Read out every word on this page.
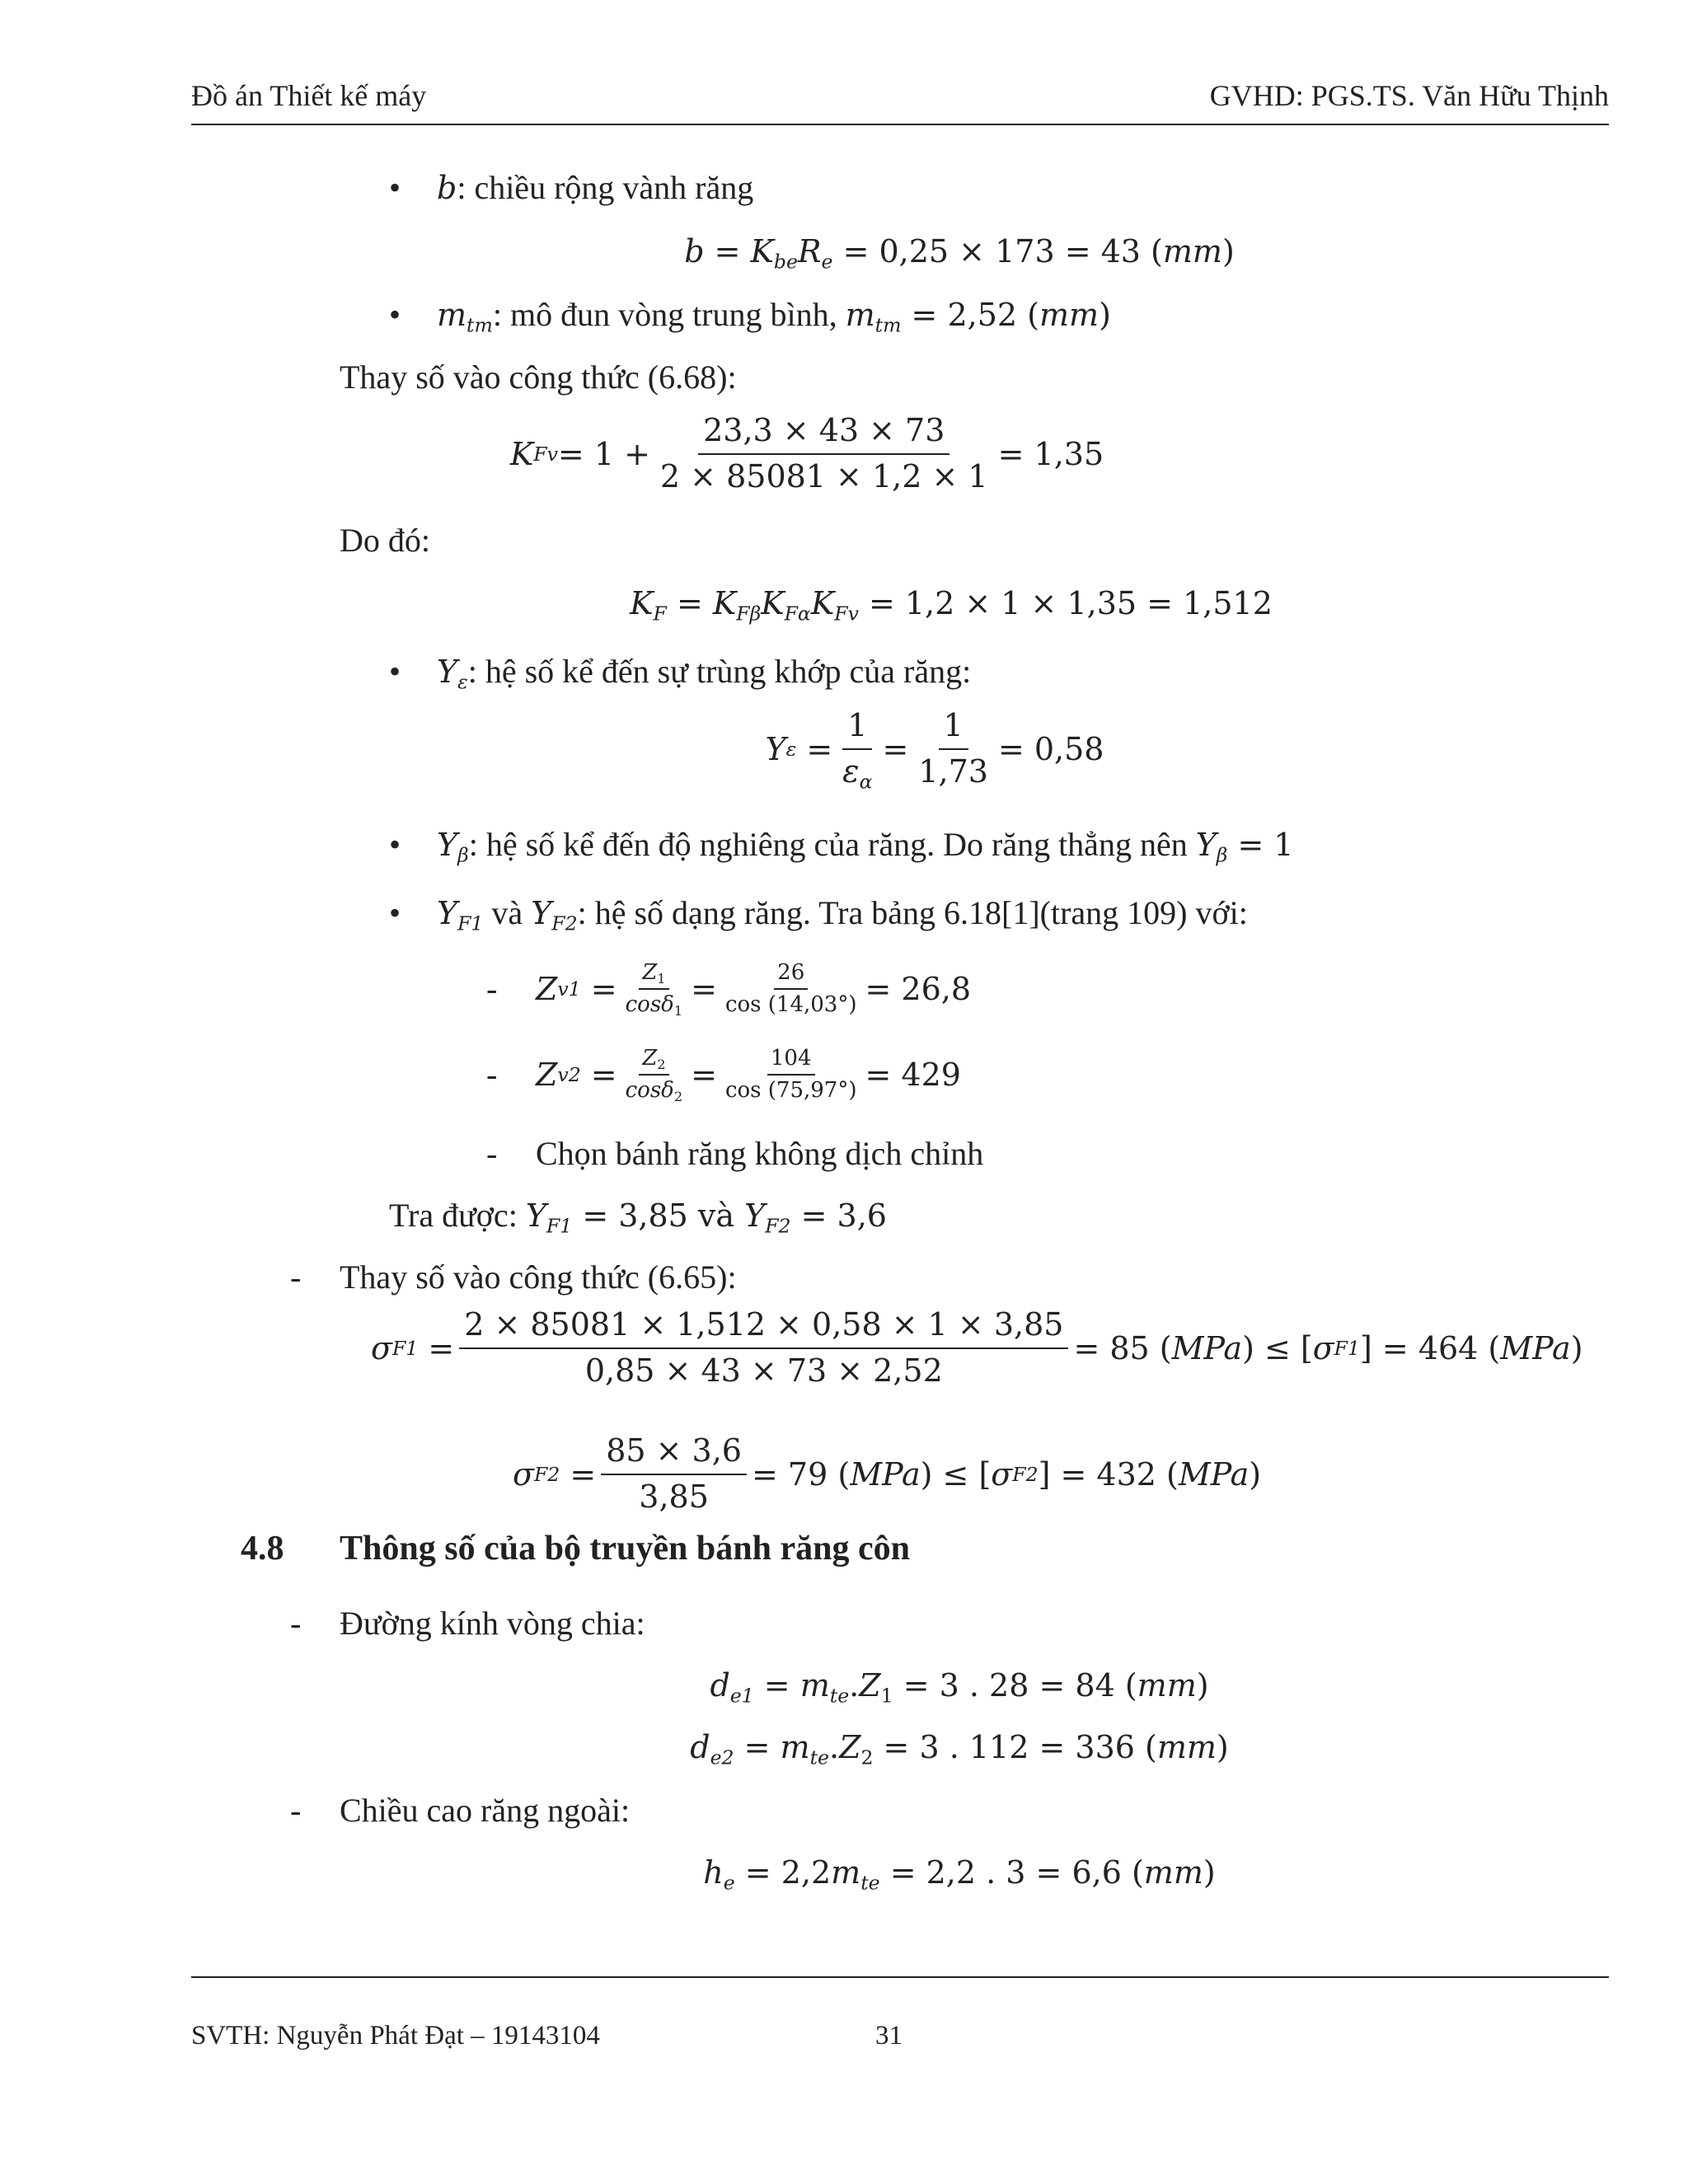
Đồ án Thiết kế máy	GVHD: PGS.TS. Văn Hữu Thịnh
• b: chiều rộng vành răng
$b = K_{be}R_e = 0,25 \times 173 = 43$ (mm)
• $m_{tm}$: mô đun vòng trung bình, $m_{tm} = 2,52$ (mm)
Thay số vào công thức (6.68):
K $Fv = 1 + \frac{23,3 \times 43 \times 73}{2 \times 85081 \times 1,2 \times 1} = 1,35$
Do đó:
$K_F = K_{F\beta}K_{F\alpha}K_{Fv} = 1,2 \times 1 \times 1,35 = 1,512$
• $Y_\varepsilon$: hệ số kể đến sự trùng khớp của răng:
Y $\varepsilon = \frac{1}{\varepsilon_\alpha} = \frac{1}{1,73} = 0,58$
• $Y_\beta$: hệ số kể đến độ nghiêng của răng. Do răng thẳng nên $Y_\beta = 1$
• $Y_{F1}$ và $Y_{F2}$: hệ số dạng răng. Tra bảng 6.18[1](trang 109) với:
- Z $v1 = \frac{Z_1}{\cos\delta_1} = \frac{26}{\cos (14,03^\circ)} = 26,8$
- Z $v2 = \frac{Z_2}{\cos\delta_2} = \frac{104}{\cos (75,97^\circ)} = 429$
- Chọn bánh răng không dịch chỉnh
Tra được: $Y_{F1} = 3,85$ và $Y_{F2} = 3,6$
- Thay số vào công thức (6.65):
σ $F1 = \frac{2 \times 85081 \times 1,512 \times 0,58 \times 1 \times 3,85}{0,85 \times 43 \times 73 \times 2,52} = 85$ ( MPa ) ≤ [ σ F1 ] = 464 ( MPa )
σ $F2 = \frac{85 \times 3,6}{3,85} = 79$ ( MPa ) ≤ [ σ F2 ] = 432 ( MPa )
4.8 Thông số của bộ truyền bánh răng côn
- Đường kính vòng chia:
$d_{e1} = m_{te}.Z_1 = 3$ . 28 = 84 (mm)
$d_{e2} = m_{te}.Z_2 = 3$ . 112 = 336 (mm)
- Chiều cao răng ngoài:
$h_e = 2,2m_{te} = 2,2$ . 3 = 6,6 (mm)
SVTH: Nguyễn Phát Đạt – 19143104	31
